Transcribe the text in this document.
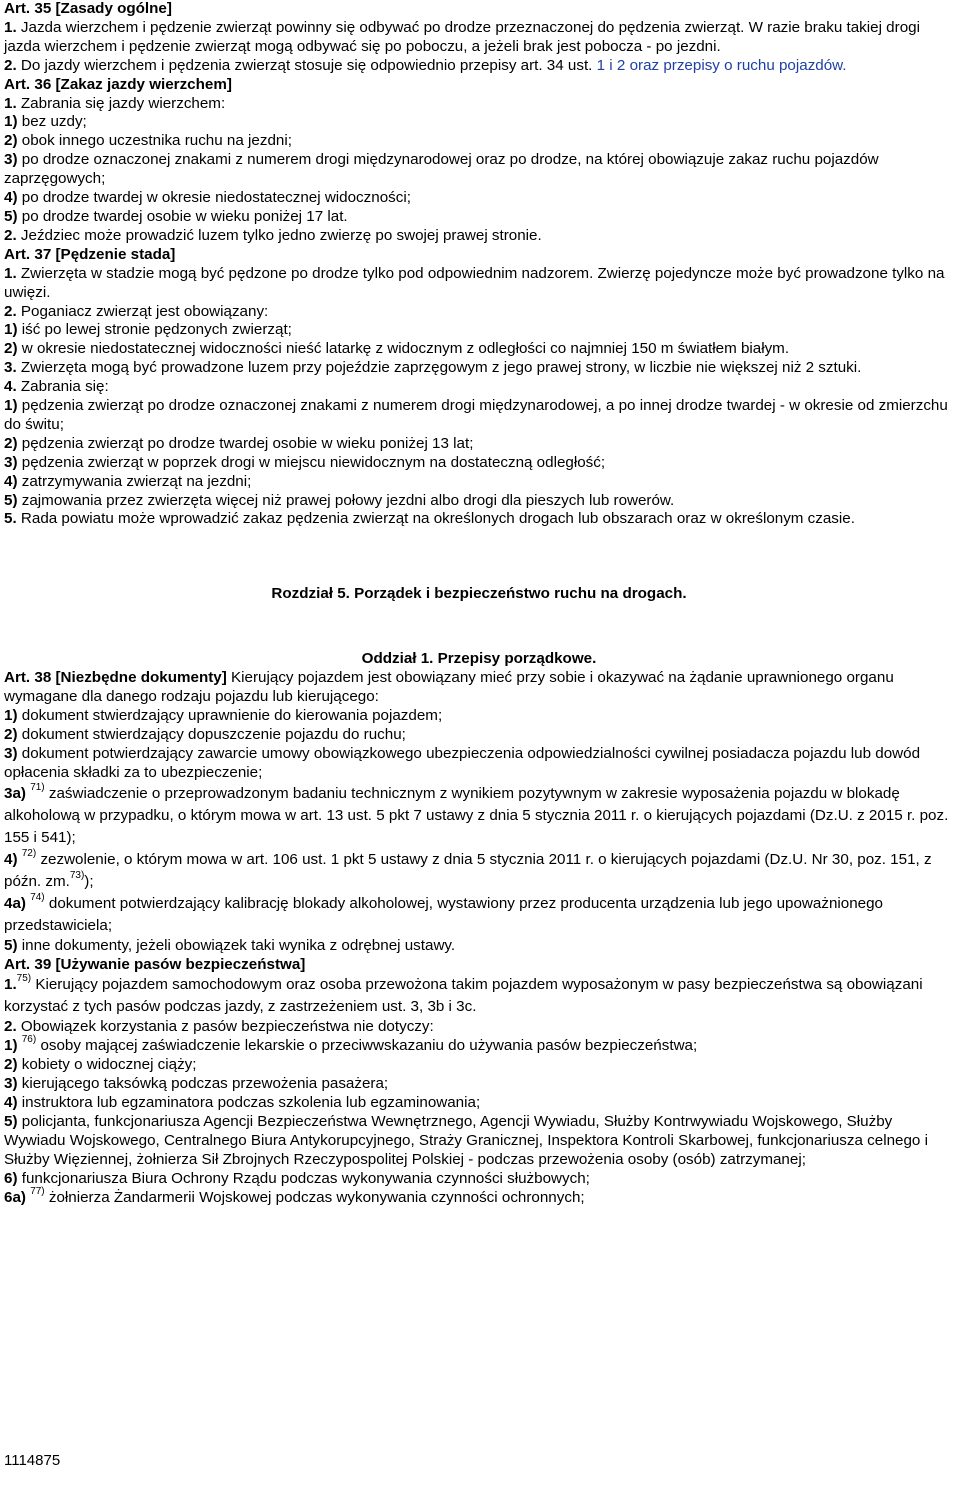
Art. 35 [Zasady ogólne]

1. Jazda wierzchem i pędzenie zwierząt powinny się odbywać po drodze przeznaczonej do pędzenia zwierząt. W razie braku takiej drogi jazda wierzchem i pędzenie zwierząt mogą odbywać się po poboczu, a jeżeli brak jest pobocza - po jezdni.

2. Do jazdy wierzchem i pędzenia zwierząt stosuje się odpowiednio przepisy art. 34 ust. 1 i 2 oraz przepisy o ruchu pojazdów.

Art. 36 [Zakaz jazdy wierzchem]

1. Zabrania się jazdy wierzchem:

1) bez uzdy;

2) obok innego uczestnika ruchu na jezdni;

3) po drodze oznaczonej znakami z numerem drogi międzynarodowej oraz po drodze, na której obowiązuje zakaz ruchu pojazdów zaprzęgowych;

4) po drodze twardej w okresie niedostatecznej widoczności;

5) po drodze twardej osobie w wieku poniżej 17 lat.

2. Jeździec może prowadzić luzem tylko jedno zwierzę po swojej prawej stronie.

Art. 37 [Pędzenie stada]

1. Zwierzęta w stadzie mogą być pędzone po drodze tylko pod odpowiednim nadzorem. Zwierzę pojedyncze może być prowadzone tylko na uwięzi.

2. Poganiacz zwierząt jest obowiązany:

1) iść po lewej stronie pędzonych zwierząt;

2) w okresie niedostatecznej widoczności nieść latarkę z widocznym z odległości co najmniej 150 m światłem białym.

3. Zwierzęta mogą być prowadzone luzem przy pojeździe zaprzęgowym z jego prawej strony, w liczbie nie większej niż 2 sztuki.

4. Zabrania się:

1) pędzenia zwierząt po drodze oznaczonej znakami z numerem drogi międzynarodowej, a po innej drodze twardej - w okresie od zmierzchu do świtu;

2) pędzenia zwierząt po drodze twardej osobie w wieku poniżej 13 lat;

3) pędzenia zwierząt w poprzek drogi w miejscu niewidocznym na dostateczną odległość;

4) zatrzymywania zwierząt na jezdni;

5) zajmowania przez zwierzęta więcej niż prawej połowy jezdni albo drogi dla pieszych lub rowerów.

5. Rada powiatu może wprowadzić zakaz pędzenia zwierząt na określonych drogach lub obszarach oraz w określonym czasie.

Rozdział 5. Porządek i bezpieczeństwo ruchu na drogach.

Oddział 1. Przepisy porządkowe.

Art. 38 [Niezbędne dokumenty] Kierujący pojazdem jest obowiązany mieć przy sobie i okazywać na żądanie uprawnionego organu wymagane dla danego rodzaju pojazdu lub kierującego:

1) dokument stwierdzający uprawnienie do kierowania pojazdem;

2) dokument stwierdzający dopuszczenie pojazdu do ruchu;

3) dokument potwierdzający zawarcie umowy obowiązkowego ubezpieczenia odpowiedzialności cywilnej posiadacza pojazdu lub dowód opłacenia składki za to ubezpieczenie;

3a) $^{71)}$ zaświadczenie o przeprowadzonym badaniu technicznym z wynikiem pozytywnym w zakresie wyposażenia pojazdu w blokadę alkoholową w przypadku, o którym mowa w art. 13 ust. 5 pkt 7 ustawy z dnia 5 stycznia 2011 r. o kierujących pojazdami (Dz.U. z 2015 r. poz. 155 i 541);

4) $^{72)}$ zezwolenie, o którym mowa w art. 106 ust. 1 pkt 5 ustawy z dnia 5 stycznia 2011 r. o kierujących pojazdami (Dz.U. Nr 30, poz. 151, z późn. zm.$^{73)}$);

4a) $^{74)}$ dokument potwierdzający kalibrację blokady alkoholowej, wystawiony przez producenta urządzenia lub jego upoważnionego przedstawiciela;

5) inne dokumenty, jeżeli obowiązek taki wynika z odrębnej ustawy.

Art. 39 [Używanie pasów bezpieczeństwa]

1.$^{75)}$ Kierujący pojazdem samochodowym oraz osoba przewożona takim pojazdem wyposażonym w pasy bezpieczeństwa są obowiązani korzystać z tych pasów podczas jazdy, z zastrzeżeniem ust. 3, 3b i 3c.

2. Obowiązek korzystania z pasów bezpieczeństwa nie dotyczy:

1) $^{76)}$ osoby mającej zaświadczenie lekarskie o przeciwwskazaniu do używania pasów bezpieczeństwa;

2) kobiety o widocznej ciąży;

3) kierującego taksówką podczas przewożenia pasażera;

4) instruktora lub egzaminatora podczas szkolenia lub egzaminowania;

5) policjanta, funkcjonariusza Agencji Bezpieczeństwa Wewnętrznego, Agencji Wywiadu, Służby Kontrwywiadu Wojskowego, Służby Wywiadu Wojskowego, Centralnego Biura Antykorupcyjnego, Straży Granicznej, Inspektora Kontroli Skarbowej, funkcjonariusza celnego i Służby Więziennej, żołnierza Sił Zbrojnych Rzeczypospolitej Polskiej - podczas przewożenia osoby (osób) zatrzymanej;

6) funkcjonariusza Biura Ochrony Rządu podczas wykonywania czynności służbowych;

6a) $^{77)}$ żołnierza Żandarmerii Wojskowej podczas wykonywania czynności ochronnych;

1114875
